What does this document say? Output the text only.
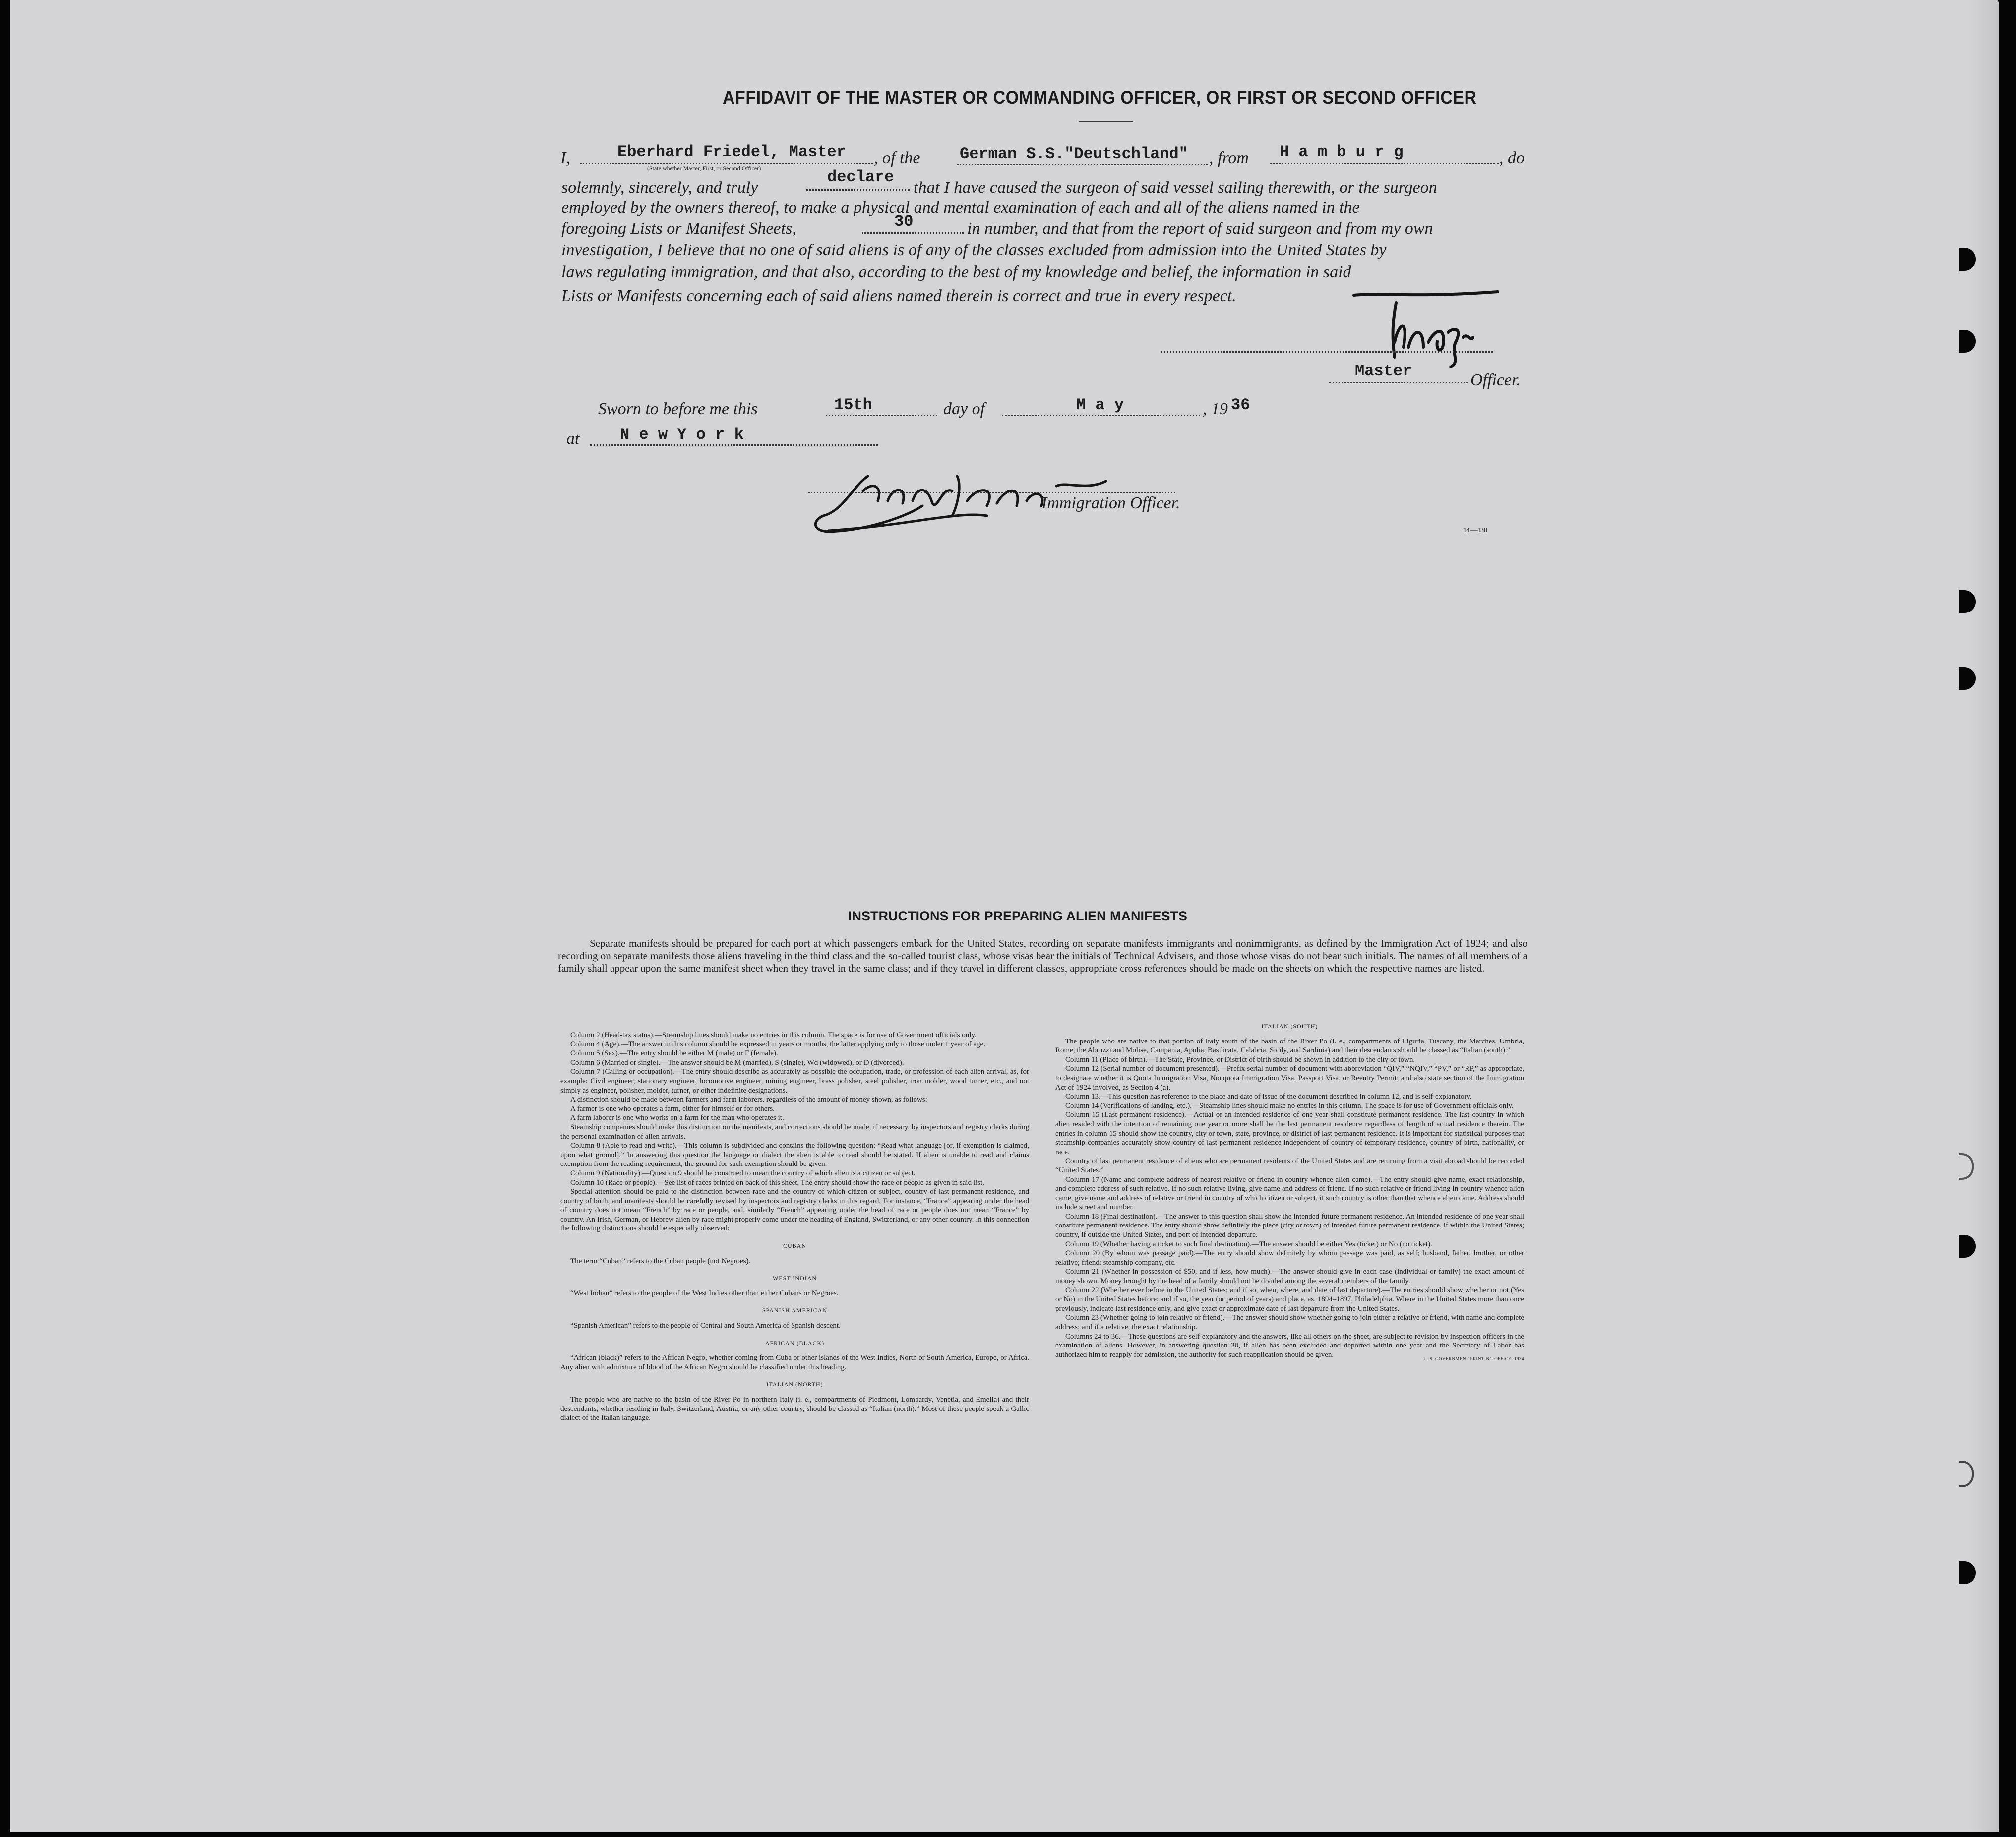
AFFIDAVIT OF THE MASTER OR COMMANDING OFFICER, OR FIRST OR SECOND OFFICER
I,	Eberhard Friedel, Master
(State whether Master, First, or Second Officer)
, of the German S.S."Deutschland" , from H a m b u r g	, do
solemnly, sincerely, and truly
declare
that I have caused the surgeon of said vessel sailing therewith, or the surgeon
employed by the owners thereof, to make a physical and mental examination of each and all of the aliens named in the
foregoing Lists or Manifest Sheets,	30	in number, and that from the report of said surgeon and from my own
investigation, I believe that no one of said aliens is of any of the classes excluded from admission into the United States by
laws regulating immigration, and that also, according to the best of my knowledge and belief, the information in said
Lists or Manifests concerning each of said aliens named therein is correct and true in every respect.
Master	Officer.
Sworn to before me this	15th	day of	M a y	, 19 36
at	N e w Y o r k
Immigration Officer.
14—430
INSTRUCTIONS FOR PREPARING ALIEN MANIFESTS
Separate manifests should be prepared for each port at which passengers embark for the United States, recording on separate manifests immigrants and nonimmigrants, as defined by the Immigration Act of 1924; and also recording on separate manifests those aliens traveling in the third class and the so-called tourist class, whose visas bear the initials of Technical Advisers, and those whose visas do not bear such initials. The names of all members of a family shall appear upon the same manifest sheet when they travel in the same class; and if they travel in different classes, appropriate cross references should be made on the sheets on which the respective names are listed.

Column 2 (Head-tax status).—Steamship lines should make no entries in this column. The space is for use of Government officials only.

Column 4 (Age).—The answer in this column should be expressed in years or months, the latter applying only to those under 1 year of age.

Column 5 (Sex).—The entry should be either M (male) or F (female).

Column 6 (Married or single).—The answer should be M (married), S (single), Wd (widowed), or D (divorced).

Column 7 (Calling or occupation).—The entry should describe as accurately as possible the occupation, trade, or profession of each alien arrival, as, for example: Civil engineer, stationary engineer, locomotive engineer, mining engineer, brass polisher, steel polisher, iron molder, wood turner, etc., and not simply as engineer, polisher, molder, turner, or other indefinite designations.

A distinction should be made between farmers and farm laborers, regardless of the amount of money shown, as follows:

A farmer is one who operates a farm, either for himself or for others.

A farm laborer is one who works on a farm for the man who operates it.

Steamship companies should make this distinction on the manifests, and corrections should be made, if necessary, by inspectors and registry clerks during the personal examination of alien arrivals.

Column 8 (Able to read and write).—This column is subdivided and contains the following question: “Read what language [or, if exemption is claimed, upon what ground].” In answering this question the language or dialect the alien is able to read should be stated. If alien is unable to read and claims exemption from the reading requirement, the ground for such exemption should be given.

Column 9 (Nationality).—Question 9 should be construed to mean the country of which alien is a citizen or subject.

Column 10 (Race or people).—See list of races printed on back of this sheet. The entry should show the race or people as given in said list.

Special attention should be paid to the distinction between race and the country of which citizen or subject, country of last permanent residence, and country of birth, and manifests should be carefully revised by inspectors and registry clerks in this regard. For instance, “France” appearing under the head of country does not mean “French” by race or people, and, similarly “French” appearing under the head of race or people does not mean “France” by country. An Irish, German, or Hebrew alien by race might properly come under the heading of England, Switzerland, or any other country. In this connection the following distinctions should be especially observed:

CUBAN

The term “Cuban” refers to the Cuban people (not Negroes).

WEST INDIAN

“West Indian” refers to the people of the West Indies other than either Cubans or Negroes.

SPANISH AMERICAN

“Spanish American” refers to the people of Central and South America of Spanish descent.

AFRICAN (BLACK)

“African (black)” refers to the African Negro, whether coming from Cuba or other islands of the West Indies, North or South America, Europe, or Africa. Any alien with admixture of blood of the African Negro should be classified under this heading.

ITALIAN (NORTH)

The people who are native to the basin of the River Po in northern Italy (i. e., compartments of Piedmont, Lombardy, Venetia, and Emelia) and their descendants, whether residing in Italy, Switzerland, Austria, or any other country, should be classed as “Italian (north).” Most of these people speak a Gallic dialect of the Italian language.

ITALIAN (SOUTH)

The people who are native to that portion of Italy south of the basin of the River Po (i. e., compartments of Liguria, Tuscany, the Marches, Umbria, Rome, the Abruzzi and Molise, Campania, Apulia, Basilicata, Calabria, Sicily, and Sardinia) and their descendants should be classed as “Italian (south).”

Column 11 (Place of birth).—The State, Province, or District of birth should be shown in addition to the city or town.

Column 12 (Serial number of document presented).—Prefix serial number of document with abbreviation “QIV,” “NQIV,” “PV,” or “RP,” as appropriate, to designate whether it is Quota Immigration Visa, Nonquota Immigration Visa, Passport Visa, or Reentry Permit; and also state section of the Immigration Act of 1924 involved, as Section 4 (a).

Column 13.—This question has reference to the place and date of issue of the document described in column 12, and is self-explanatory.

Column 14 (Verifications of landing, etc.).—Steamship lines should make no entries in this column. The space is for use of Government officials only.

Column 15 (Last permanent residence).—Actual or an intended residence of one year shall constitute permanent residence. The last country in which alien resided with the intention of remaining one year or more shall be the last permanent residence regardless of length of actual residence therein. The entries in column 15 should show the country, city or town, state, province, or district of last permanent residence. It is important for statistical purposes that steamship companies accurately show country of last permanent residence independent of country of temporary residence, country of birth, nationality, or race.

Country of last permanent residence of aliens who are permanent residents of the United States and are returning from a visit abroad should be recorded “United States.”

Column 17 (Name and complete address of nearest relative or friend in country whence alien came).—The entry should give name, exact relationship, and complete address of such relative. If no such relative living, give name and address of friend. If no such relative or friend living in country whence alien came, give name and address of relative or friend in country of which citizen or subject, if such country is other than that whence alien came. Address should include street and number.

Column 18 (Final destination).—The answer to this question shall show the intended future permanent residence. An intended residence of one year shall constitute permanent residence. The entry should show definitely the place (city or town) of intended future permanent residence, if within the United States; country, if outside the United States, and port of intended departure.

Column 19 (Whether having a ticket to such final destination).—The answer should be either Yes (ticket) or No (no ticket).

Column 20 (By whom was passage paid).—The entry should show definitely by whom passage was paid, as self; husband, father, brother, or other relative; friend; steamship company, etc.

Column 21 (Whether in possession of $50, and if less, how much).—The answer should give in each case (individual or family) the exact amount of money shown. Money brought by the head of a family should not be divided among the several members of the family.

Column 22 (Whether ever before in the United States; and if so, when, where, and date of last departure).—The entries should show whether or not (Yes or No) in the United States before; and if so, the year (or period of years) and place, as, 1894–1897, Philadelphia. Where in the United States more than once previously, indicate last residence only, and give exact or approximate date of last departure from the United States.

Column 23 (Whether going to join relative or friend).—The answer should show whether going to join either a relative or friend, with name and complete address; and if a relative, the exact relationship.

Columns 24 to 36.—These questions are self-explanatory and the answers, like all others on the sheet, are subject to revision by inspection officers in the examination of aliens. However, in answering question 30, if alien has been excluded and deported within one year and the Secretary of Labor has authorized him to reapply for admission, the authority for such reapplication should be given.

U. S. GOVERNMENT PRINTING OFFICE: 1934
